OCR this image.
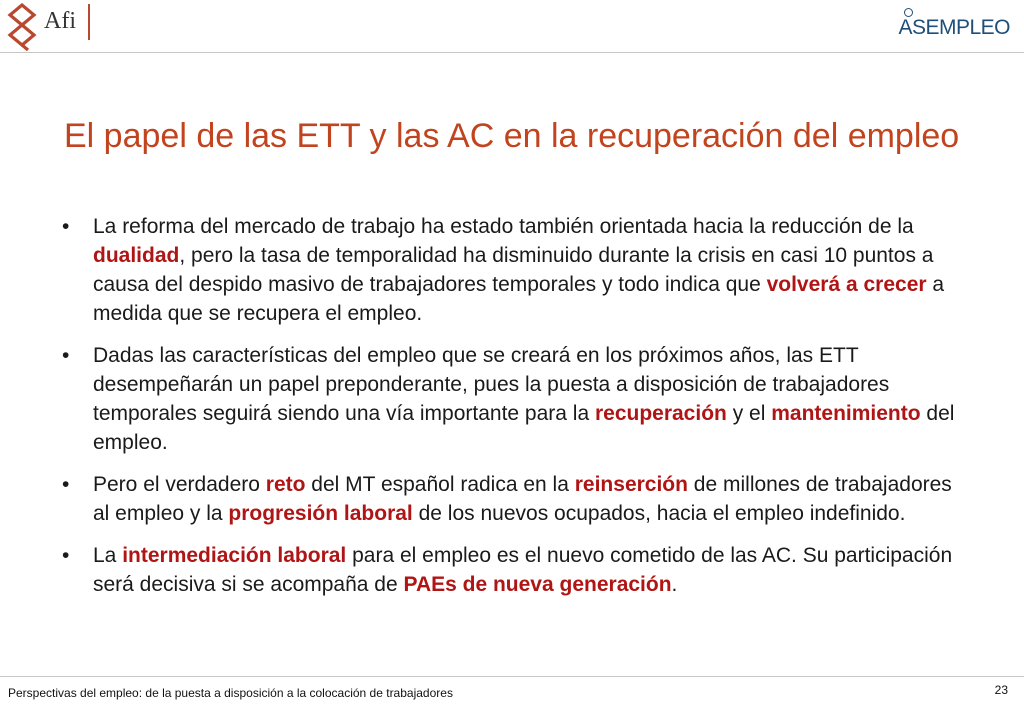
Afi	ASEMPLEO
El papel de las ETT y las AC en la recuperación del empleo
• La reforma del mercado de trabajo ha estado también orientada hacia la reducción de la dualidad, pero la tasa de temporalidad ha disminuido durante la crisis en casi 10 puntos a causa del despido masivo de trabajadores temporales y todo indica que volverá a crecer a medida que se recupera el empleo.
• Dadas las características del empleo que se creará en los próximos años, las ETT desempeñarán un papel preponderante, pues la puesta a disposición de trabajadores temporales seguirá siendo una vía importante para la recuperación y el mantenimiento del empleo.
• Pero el verdadero reto del MT español radica en la reinserción de millones de trabajadores al empleo y la progresión laboral de los nuevos ocupados, hacia el empleo indefinido.
• La intermediación laboral para el empleo es el nuevo cometido de las AC. Su participación será decisiva si se acompaña de PAEs de nueva generación.
Perspectivas del empleo: de la puesta a disposición a la colocación de trabajadores	23
